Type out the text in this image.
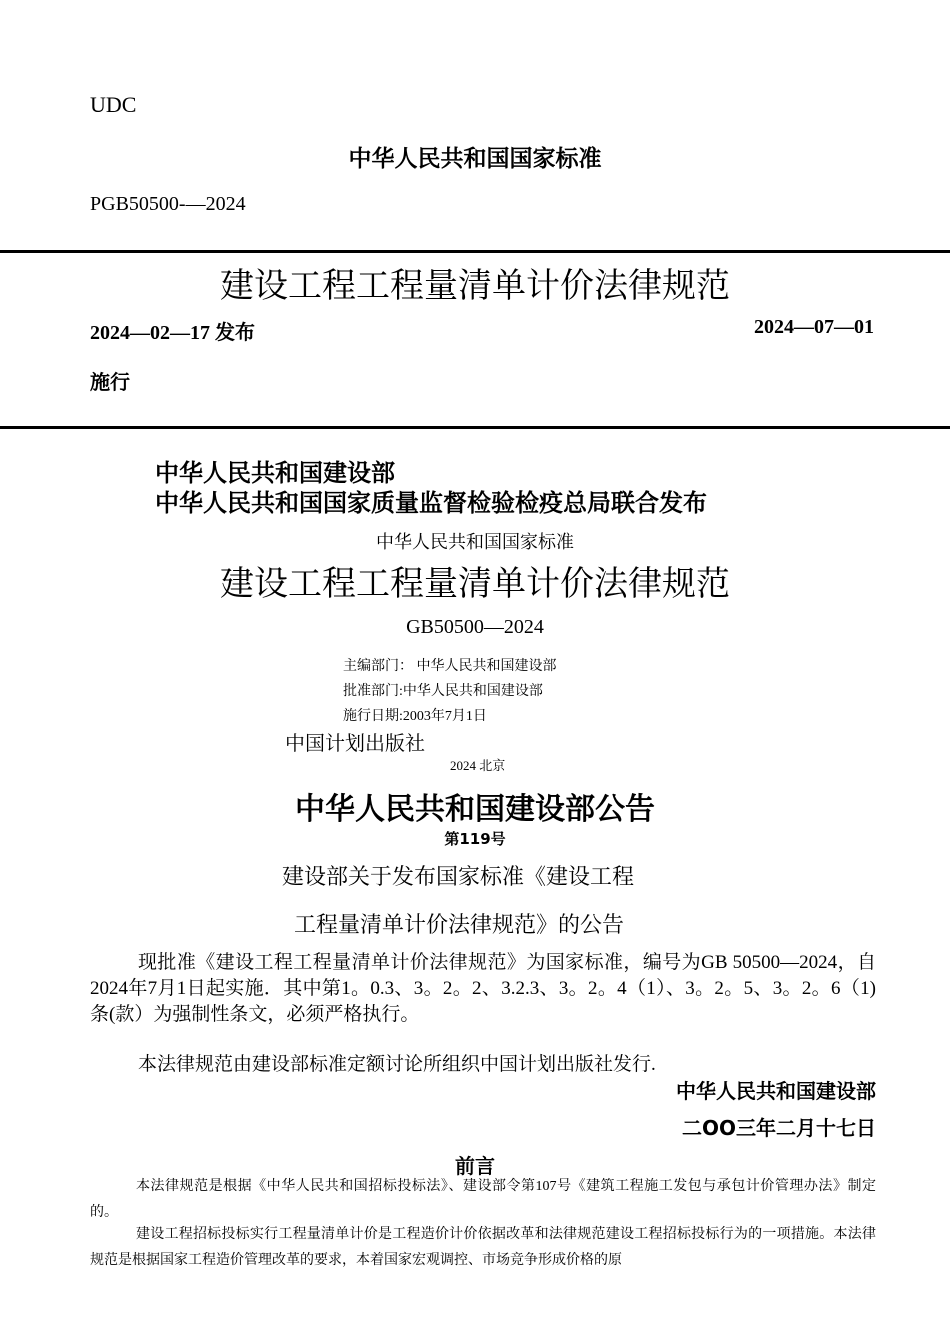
UDC
中华人民共和国国家标准
PGB50500-—2024
建设工程工程量清单计价法律规范
2024—02—17 发布	2024—07—01
施行
中华人民共和国建设部
中华人民共和国国家质量监督检验检疫总局联合发布
中华人民共和国国家标准
建设工程工程量清单计价法律规范
GB50500—2024
主编部门： 中华人民共和国建设部
批准部门:中华人民共和国建设部
施行日期:2003年7月1日
中国计划出版社
2024 北京
中华人民共和国建设部公告
第119号
建设部关于发布国家标准《建设工程
工程量清单计价法律规范》的公告
现批准《建设工程工程量清单计价法律规范》为国家标准，编号为GB 50500—2024，自2024年7月1日起实施．其中第1。0.3、3。2。2、3.2.3、3。2。4（1）、3。2。5、3。2。6（1)条(款）为强制性条文，必须严格执行。
本法律规范由建设部标准定额讨论所组织中国计划出版社发行.
中华人民共和国建设部
二OO三年二月十七日
前言
本法律规范是根据《中华人民共和国招标投标法》、建设部令第107号《建筑工程施工发包与承包计价管理办法》制定的。
建设工程招标投标实行工程量清单计价是工程造价计价依据改革和法律规范建设工程招标投标行为的一项措施。本法律规范是根据国家工程造价管理改革的要求，本着国家宏观调控、市场竞争形成价格的原
